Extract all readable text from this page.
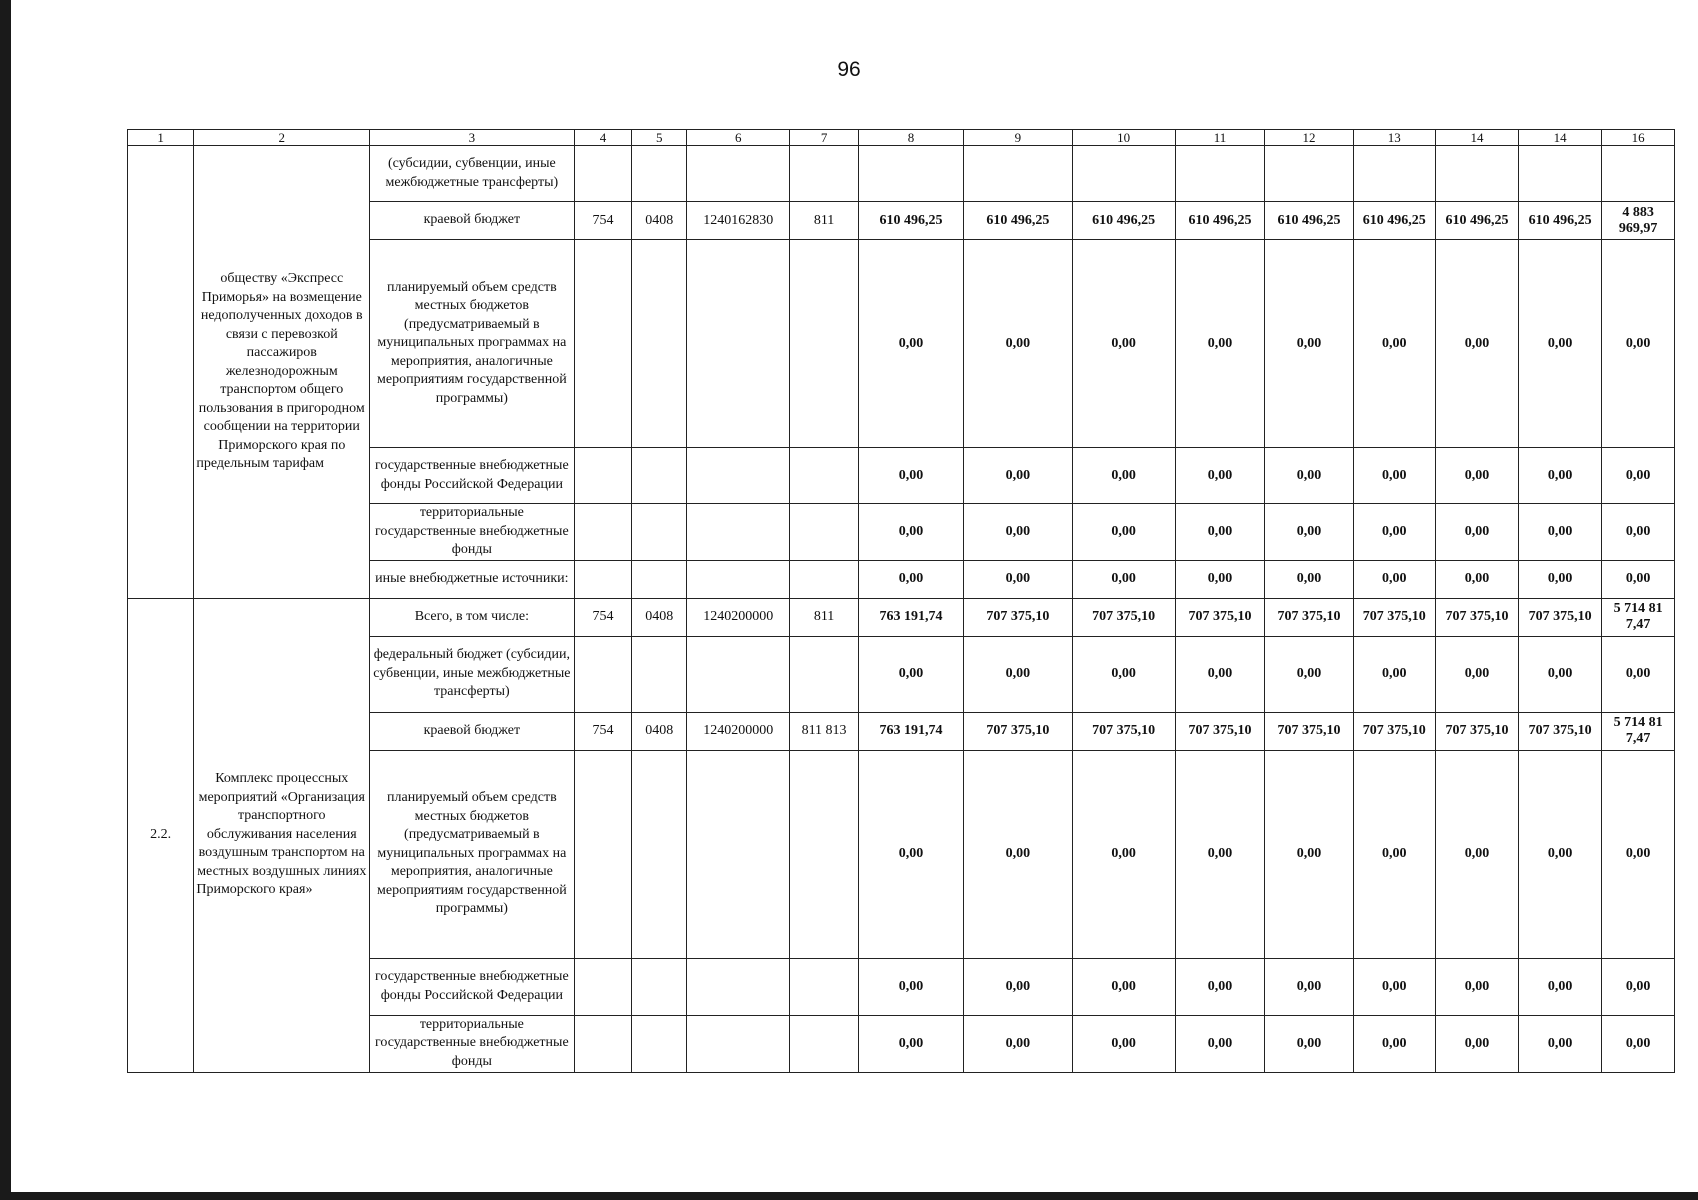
96
1	2	3	4	5	6	7	8	9	10	11	12	13	14	14	16
	обществу «Экспресс Приморья» на возмещение недополученных доходов в связи с перевозкой пассажиров железнодорожным транспортом общего пользования в пригородном сообщении на территории Приморского края по предельным тарифам	(субсидии, субвенции, иные межбюджетные трансферты)													
		краевой бюджет	754	0408	1240162830	811	610 496,25	610 496,25	610 496,25	610 496,25	610 496,25	610 496,25	610 496,25	610 496,25	4 883 969,97
		планируемый объем средств местных бюджетов (предусматриваемый в муниципальных программах на мероприятия, аналогичные мероприятиям государственной программы)					0,00	0,00	0,00	0,00	0,00	0,00	0,00	0,00	0,00
		государственные внебюджетные фонды Российской Федерации					0,00	0,00	0,00	0,00	0,00	0,00	0,00	0,00	0,00
		территориальные государственные внебюджетные фонды					0,00	0,00	0,00	0,00	0,00	0,00	0,00	0,00	0,00
		иные внебюджетные источники:					0,00	0,00	0,00	0,00	0,00	0,00	0,00	0,00	0,00
2.2.	Комплекс процессных мероприятий «Организация транспортного обслуживания населения воздушным транспортом на местных воздушных линиях Приморского края»	Всего, в том числе:	754	0408	1240200000	811	763 191,74	707 375,10	707 375,10	707 375,10	707 375,10	707 375,10	707 375,10	707 375,10	5 714 81 7,47
		федеральный бюджет (субсидии, субвенции, иные межбюджетные трансферты)					0,00	0,00	0,00	0,00	0,00	0,00	0,00	0,00	0,00
		краевой бюджет	754	0408	1240200000	811 813	763 191,74	707 375,10	707 375,10	707 375,10	707 375,10	707 375,10	707 375,10	707 375,10	5 714 81 7,47
		планируемый объем средств местных бюджетов (предусматриваемый в муниципальных программах на мероприятия, аналогичные мероприятиям государственной программы)					0,00	0,00	0,00	0,00	0,00	0,00	0,00	0,00	0,00
		государственные внебюджетные фонды Российской Федерации					0,00	0,00	0,00	0,00	0,00	0,00	0,00	0,00	0,00
		территориальные государственные внебюджетные фонды					0,00	0,00	0,00	0,00	0,00	0,00	0,00	0,00	0,00
